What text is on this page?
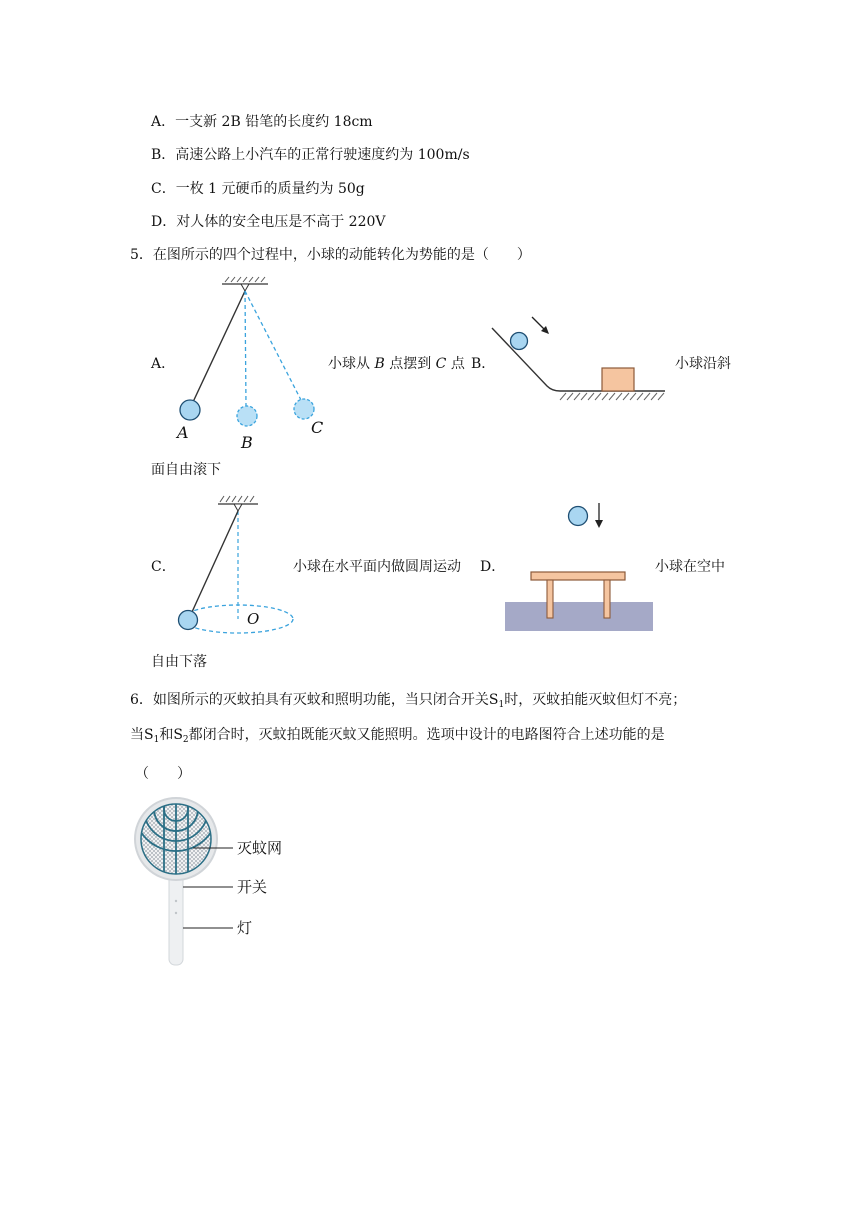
A．一支新 2B 铅笔的长度约 18cm
B．高速公路上小汽车的正常行驶速度约为 100m/s
C．一枚 1 元硬币的质量约为 50g
D．对人体的安全电压是不高于 220V
5．在图所示的四个过程中，小球的动能转化为势能的是（　　）
A．
A
B
C
小球从 B 点摆到 C 点 B．	小球沿斜
面自由滚下
C．
O
小球在水平面内做圆周运动 D．	小球在空中
自由下落
6．如图所示的灭蚊拍具有灭蚊和照明功能，当只闭合开关$S_1$时，灭蚊拍能灭蚊但灯不亮；
当$S_1$和$S_2$都闭合时，灭蚊拍既能灭蚊又能照明。选项中设计的电路图符合上述功能的是
（　　）
灭蚊网
开关
灯
